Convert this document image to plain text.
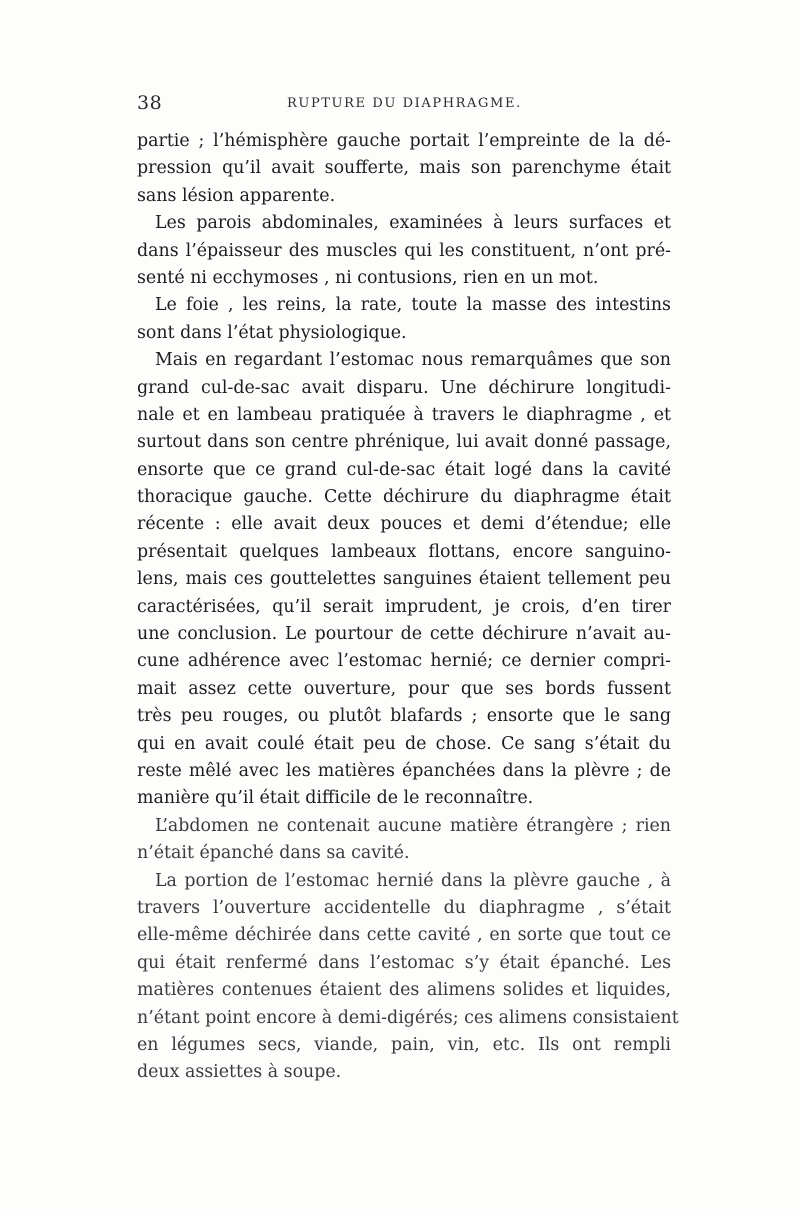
38	RUPTURE DU DIAPHRAGME.
partie ; l’hémisphère gauche portait l’empreinte de la dé-
pression qu’il avait soufferte, mais son parenchyme était
sans lésion apparente.
Les parois abdominales, examinées à leurs surfaces et
dans l’épaisseur des muscles qui les constituent, n’ont pré-
senté ni ecchymoses , ni contusions, rien en un mot.
Le foie , les reins, la rate, toute la masse des intestins
sont dans l’état physiologique.
Mais en regardant l’estomac nous remarquâmes que son
grand cul-de-sac avait disparu. Une déchirure longitudi-
nale et en lambeau pratiquée à travers le diaphragme , et
surtout dans son centre phrénique, lui avait donné passage,
ensorte que ce grand cul-de-sac était logé dans la cavité
thoracique gauche. Cette déchirure du diaphragme était
récente : elle avait deux pouces et demi d’étendue; elle
présentait quelques lambeaux flottans, encore sanguino-
lens, mais ces gouttelettes sanguines étaient tellement peu
caractérisées, qu’il serait imprudent, je crois, d’en tirer
une conclusion. Le pourtour de cette déchirure n’avait au-
cune adhérence avec l’estomac hernié; ce dernier compri-
mait assez cette ouverture, pour que ses bords fussent
très peu rouges, ou plutôt blafards ; ensorte que le sang
qui en avait coulé était peu de chose. Ce sang s’était du
reste mêlé avec les matières épanchées dans la plèvre ; de
manière qu’il était difficile de le reconnaître.
L’abdomen ne contenait aucune matière étrangère ; rien
n’était épanché dans sa cavité.
La portion de l’estomac hernié dans la plèvre gauche , à
travers l’ouverture accidentelle du diaphragme , s’était
elle-même déchirée dans cette cavité , en sorte que tout ce
qui était renfermé dans l’estomac s’y était épanché. Les
matières contenues étaient des alimens solides et liquides,
n’étant point encore à demi-digérés; ces alimens consistaient
en légumes secs, viande, pain, vin, etc. Ils ont rempli
deux assiettes à soupe.
